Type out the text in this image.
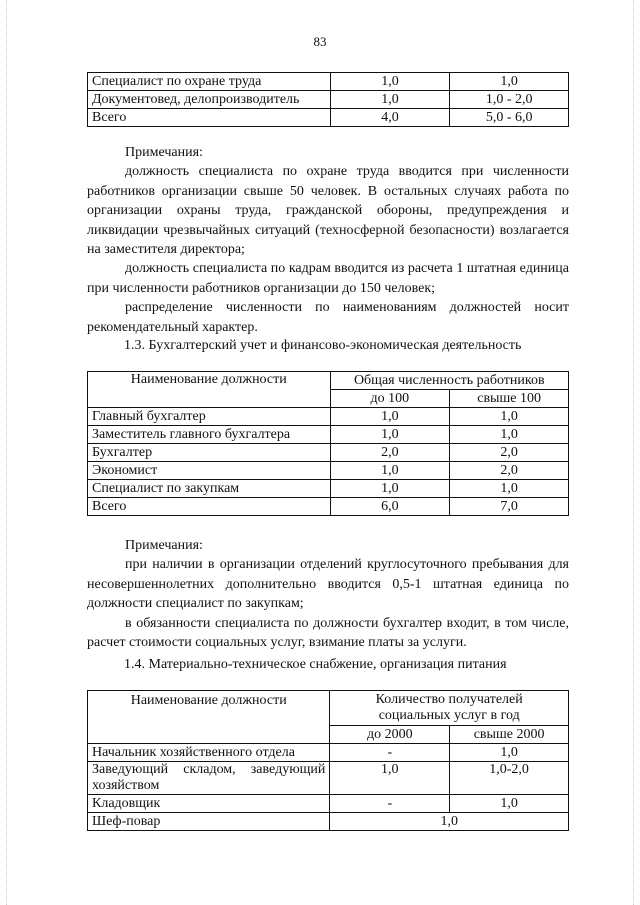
83
Специалист по охране труда	1,0	1,0
Документовед, делопроизводитель	1,0	1,0 - 2,0
Всего	4,0	5,0 - 6,0

Примечания:

должность специалиста по охране труда вводится при численности работников организации свыше 50 человек. В остальных случаях работа по организации охраны труда, гражданской обороны, предупреждения и ликвидации чрезвычайных ситуаций (техносферной безопасности) возлагается на заместителя директора;

должность специалиста по кадрам вводится из расчета 1 штатная единица при численности работников организации до 150 человек;

распределение численности по наименованиям должностей носит рекомендательный характер.

1.3. Бухгалтерский учет и финансово-экономическая деятельность
Наименование должности	Общая численность работников	
	до 100	свыше 100
Главный бухгалтер	1,0	1,0
Заместитель главного бухгалтера	1,0	1,0
Бухгалтер	2,0	2,0
Экономист	1,0	2,0
Специалист по закупкам	1,0	1,0
Всего	6,0	7,0

Примечания:

при наличии в организации отделений круглосуточного пребывания для несовершеннолетних дополнительно вводится 0,5-1 штатная единица по должности специалист по закупкам;

в обязанности специалиста по должности бухгалтер входит, в том числе, расчет стоимости социальных услуг, взимание платы за услуги.

1.4. Материально-техническое снабжение, организация питания
Наименование должности	Количество получателей социальных услуг в год	
	до 2000	свыше 2000
Начальник хозяйственного отдела	-	1,0
Заведующий складом, заведующий хозяйством	1,0	1,0-2,0
Кладовщик	-	1,0
Шеф-повар	1,0	
